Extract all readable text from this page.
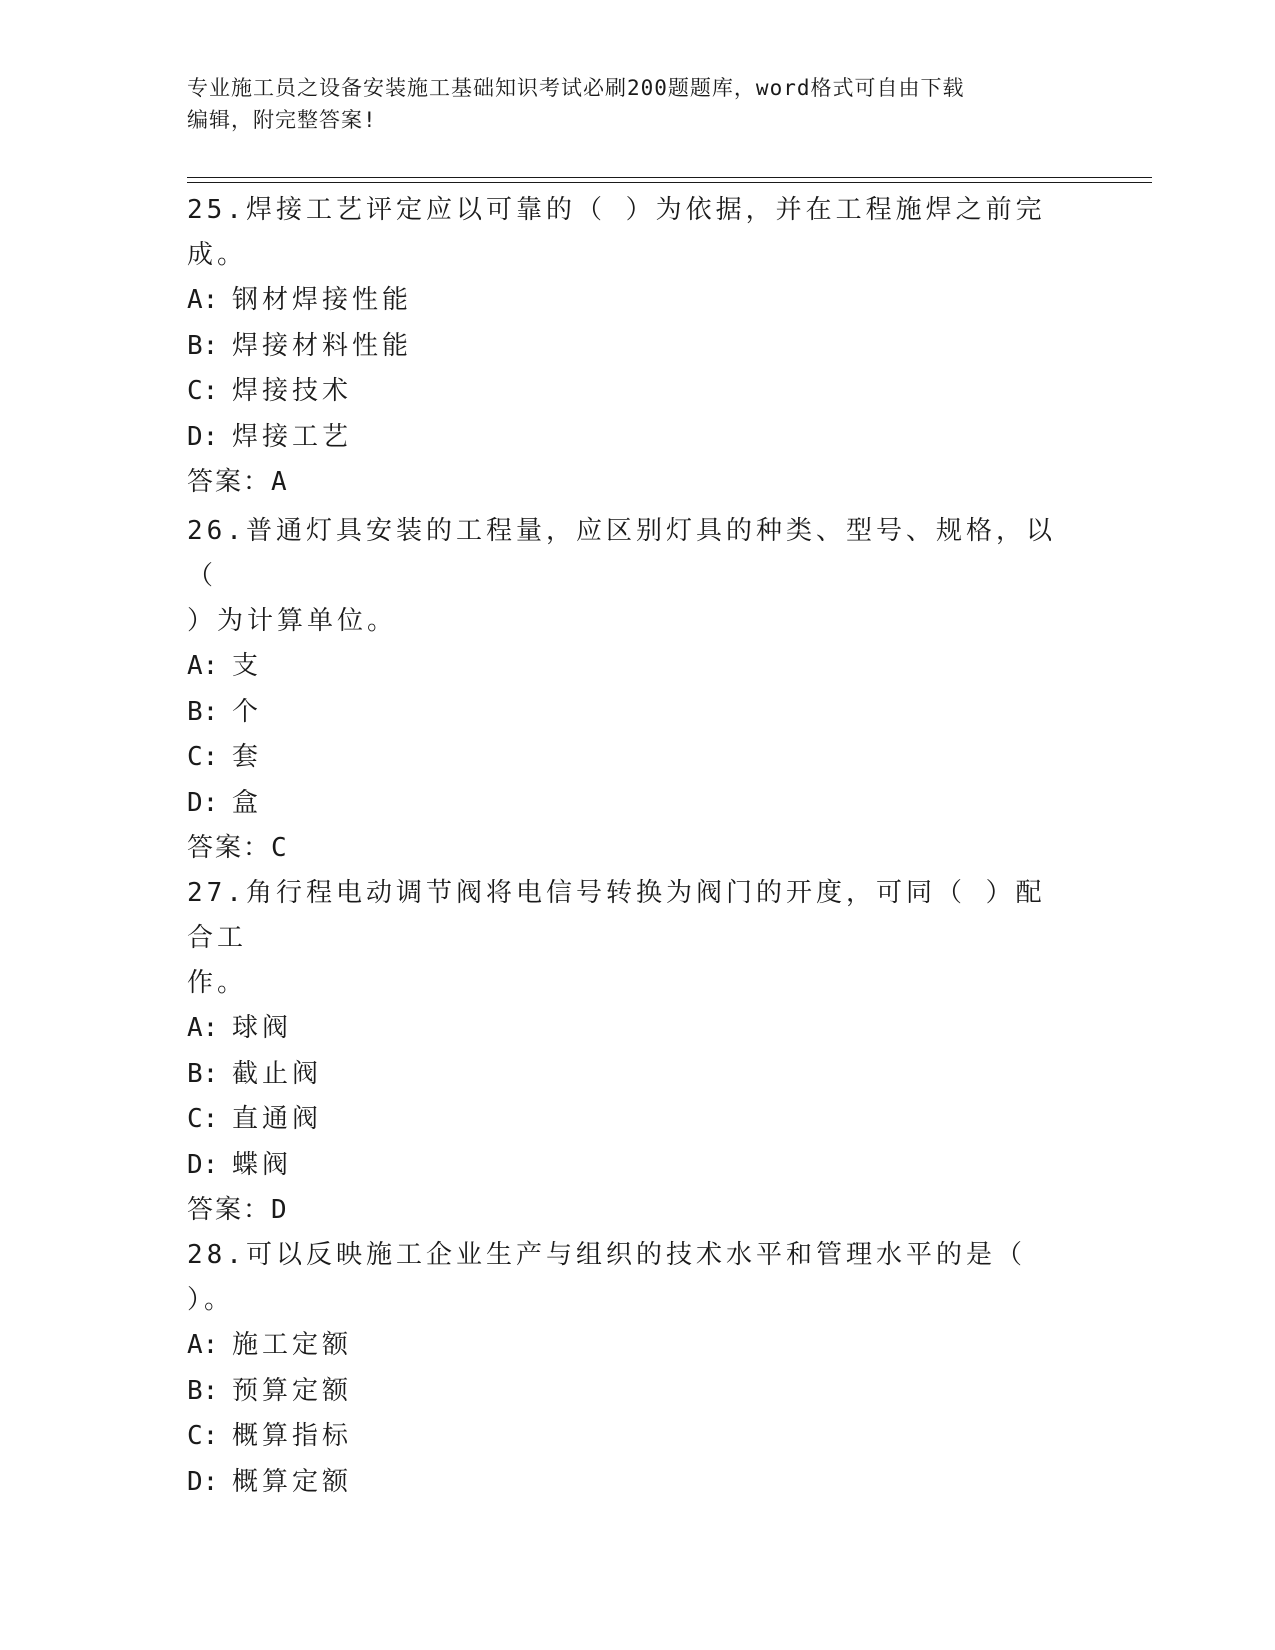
专业施工员之设备安装施工基础知识考试必刷200题题库，word格式可自由下载
编辑，附完整答案!

25.焊接工艺评定应以可靠的（ ）为依据，并在工程施焊之前完成。

A: 钢材焊接性能

B: 焊接材料性能

C: 焊接技术

D: 焊接工艺

答案：A

26.普通灯具安装的工程量，应区别灯具的种类、型号、规格，以（

）为计算单位。

A: 支

B: 个

C: 套

D: 盒

答案：C

27.角行程电动调节阀将电信号转换为阀门的开度，可同（ ）配合工

作。

A: 球阀

B: 截止阀

C: 直通阀

D: 蝶阀

答案：D

28.可以反映施工企业生产与组织的技术水平和管理水平的是（ ）。

A: 施工定额

B: 预算定额

C: 概算指标

D: 概算定额
